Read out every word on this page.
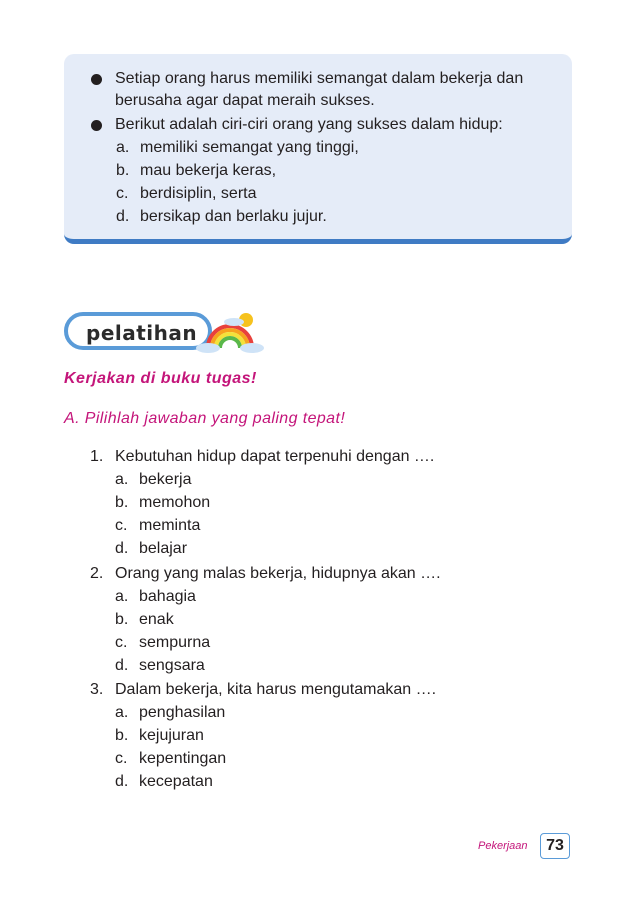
Setiap orang harus memiliki semangat dalam bekerja dan berusaha agar dapat meraih sukses.
Berikut adalah ciri-ciri orang yang sukses dalam hidup:
a. memiliki semangat yang tinggi,
b. mau bekerja keras,
c. berdisiplin, serta
d. bersikap dan berlaku jujur.
pelatihan
Kerjakan di buku tugas!
A. Pilihlah jawaban yang paling tepat!
1. Kebutuhan hidup dapat terpenuhi dengan ….
a. bekerja
b. memohon
c. meminta
d. belajar
2. Orang yang malas bekerja, hidupnya akan ….
a. bahagia
b. enak
c. sempurna
d. sengsara
3. Dalam bekerja, kita harus mengutamakan ….
a. penghasilan
b. kejujuran
c. kepentingan
d. kecepatan
Pekerjaan	73
